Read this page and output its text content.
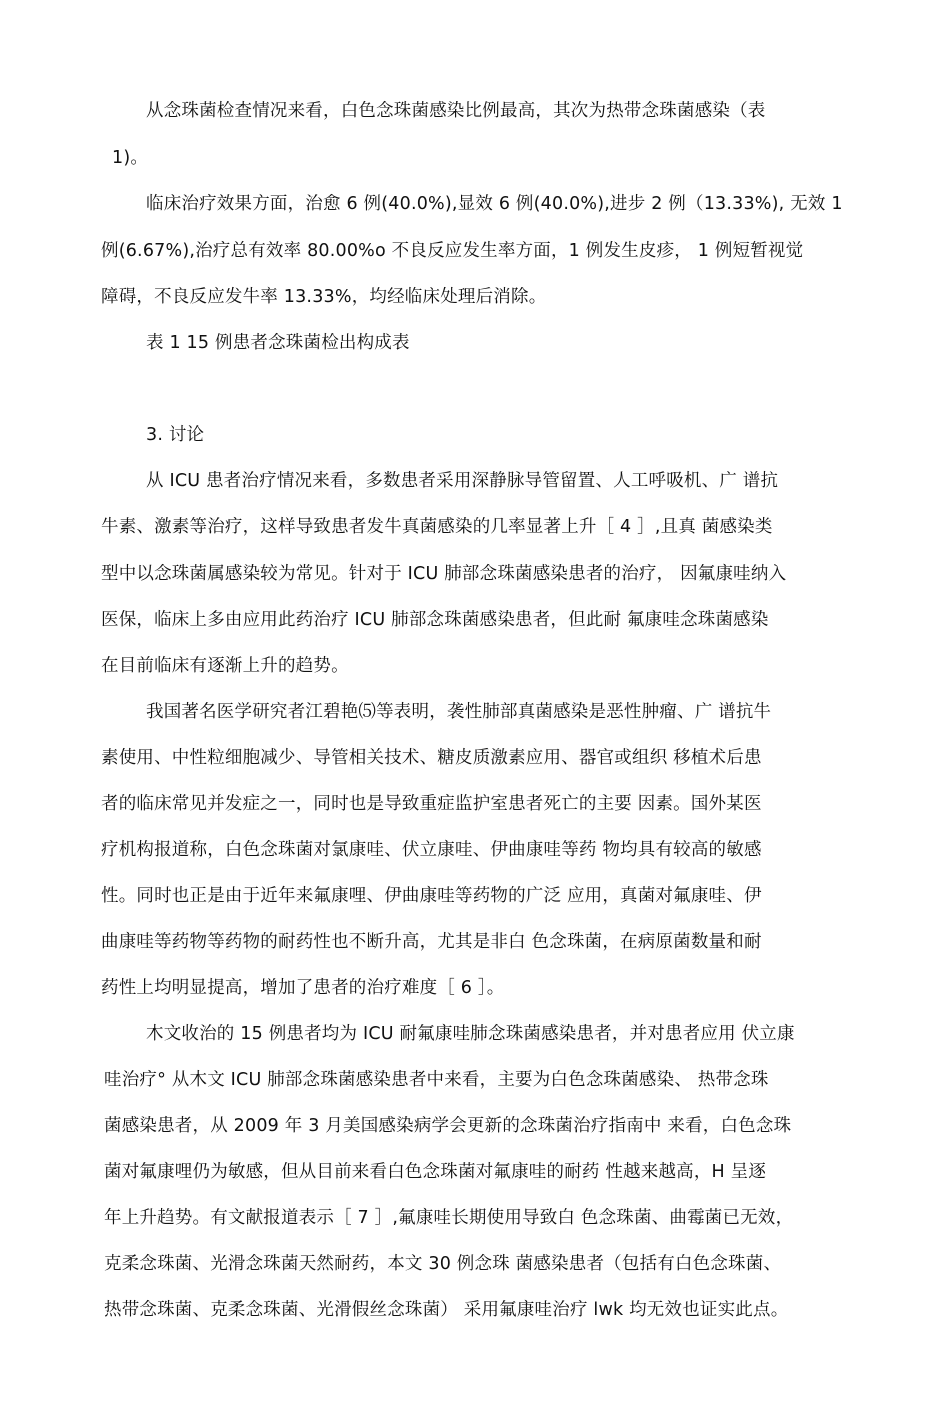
从念珠菌检查情况来看，白色念珠菌感染比例最高，其次为热带念珠菌感染（表
1)。
临床治疗效果方面，治愈 6 例(40.0%),显效 6 例(40.0%),进步 2 例（13.33%), 无效 1
例(6.67%),治疗总有效率 80.00%o 不良反应发生率方面，1 例发生皮疹， 1 例短暂视觉
障碍，不良反应发牛率 13.33%，均经临床处理后消除。
表 1 15 例患者念珠菌检出构成表
3. 讨论
从 ICU 患者治疗情况来看，多数患者采用深静脉导管留置、人工呼吸机、广 谱抗
牛素、激素等治疗，这样导致患者发牛真菌感染的几率显著上升［ 4 ］,且真 菌感染类
型中以念珠菌属感染较为常见。针对于 ICU 肺部念珠菌感染患者的治疗， 因氟康哇纳入
医保，临床上多由应用此药治疗 ICU 肺部念珠菌感染患者，但此耐 氟康哇念珠菌感染
在目前临床有逐渐上升的趋势。
我国著名医学研究者江碧艳⑸等表明，袭性肺部真菌感染是恶性肿瘤、广 谱抗牛
素使用、中性粒细胞减少、导管相关技术、糖皮质激素应用、器官或组织 移植术后患
者的临床常见并发症之一，同时也是导致重症监护室患者死亡的主要 因素。国外某医
疗机构报道称，白色念珠菌对氯康哇、伏立康哇、伊曲康哇等药 物均具有较高的敏感
性。同时也正是由于近年来氟康哩、伊曲康哇等药物的广泛 应用，真菌对氟康哇、伊
曲康哇等药物等药物的耐药性也不断升高，尤其是非白 色念珠菌，在病原菌数量和耐
药性上均明显提高，增加了患者的治疗难度［ 6 ］。
木文收治的 15 例患者均为 ICU 耐氟康哇肺念珠菌感染患者，并对患者应用 伏立康
哇治疗° 从木文 ICU 肺部念珠菌感染患者中来看，主要为白色念珠菌感染、 热带念珠
菌感染患者，从 2009 年 3 月美国感染病学会更新的念珠菌治疗指南中 来看，白色念珠
菌对氟康哩仍为敏感，但从目前来看白色念珠菌对氟康哇的耐药 性越来越高，H 呈逐
年上升趋势。有文献报道表示［ 7 ］,氟康哇长期使用导致白 色念珠菌、曲霉菌已无效，
克柔念珠菌、光滑念珠菌天然耐药，本文 30 例念珠 菌感染患者（包括有白色念珠菌、
热带念珠菌、克柔念珠菌、光滑假丝念珠菌） 采用氟康哇治疗 lwk 均无效也证实此点。
